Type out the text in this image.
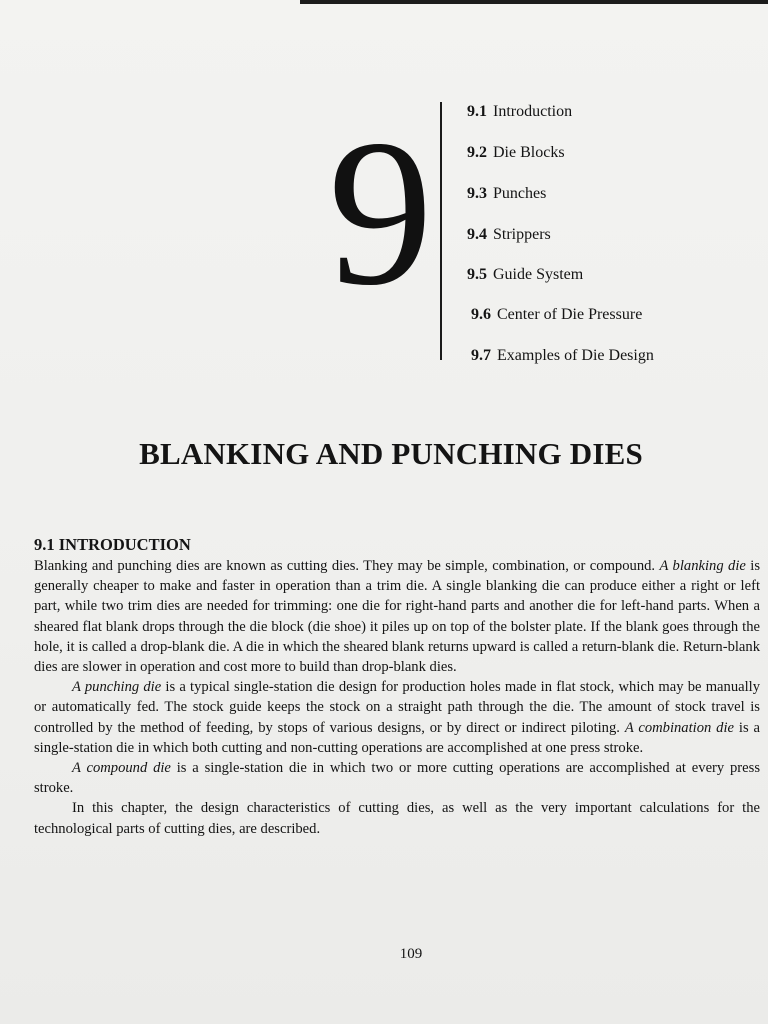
9 9.1 Introduction
9.2 Die Blocks
9.3 Punches
9.4 Strippers
9.5 Guide System
9.6 Center of Die Pressure
9.7 Examples of Die Design
BLANKING AND PUNCHING DIES
9.1 INTRODUCTION

Blanking and punching dies are known as cutting dies. They may be simple, combination, or compound. A blanking die is generally cheaper to make and faster in operation than a trim die. A single blanking die can produce either a right or left part, while two trim dies are needed for trimming: one die for right-hand parts and another die for left-hand parts. When a sheared flat blank drops through the die block (die shoe) it piles up on top of the bolster plate. If the blank goes through the hole, it is called a drop-blank die. A die in which the sheared blank returns upward is called a return-blank die. Return-blank dies are slower in operation and cost more to build than drop-blank dies.

A punching die is a typical single-station die design for production holes made in flat stock, which may be manually or automatically fed. The stock guide keeps the stock on a straight path through the die. The amount of stock travel is controlled by the method of feeding, by stops of various designs, or by direct or indirect piloting. A combination die is a single-station die in which both cutting and non-cutting operations are accomplished at one press stroke.

A compound die is a single-station die in which two or more cutting operations are accomplished at every press stroke.

In this chapter, the design characteristics of cutting dies, as well as the very important calculations for the technological parts of cutting dies, are described.

109
